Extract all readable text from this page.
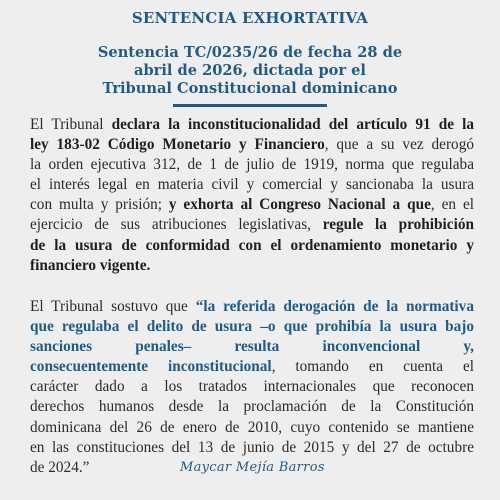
SENTENCIA EXHORTATIVA
Sentencia TC/0235/26 de fecha 28 de
abril de 2026, dictada por el
Tribunal Constitucional dominicano
El Tribunal declara la inconstitucionalidad del artículo 91 de la
ley 183-02 Código Monetario y Financiero, que a su vez derogó
la orden ejecutiva 312, de 1 de julio de 1919, norma que regulaba
el interés legal en materia civil y comercial y sancionaba la usura
con multa y prisión; y exhorta al Congreso Nacional a que, en el
ejercicio de sus atribuciones legislativas, regule la prohibición
de la usura de conformidad con el ordenamiento monetario y
financiero vigente.
El Tribunal sostuvo que “la referida derogación de la normativa
que regulaba el delito de usura –o que prohibía la usura bajo
sanciones penales– resulta inconvencional y,
consecuentemente inconstitucional, tomando en cuenta el
carácter dado a los tratados internacionales que reconocen
derechos humanos desde la proclamación de la Constitución
dominicana del 26 de enero de 2010, cuyo contenido se mantiene
en las constituciones del 13 de junio de 2015 y del 27 de octubre
de 2024.”	Maycar Mejía Barros
